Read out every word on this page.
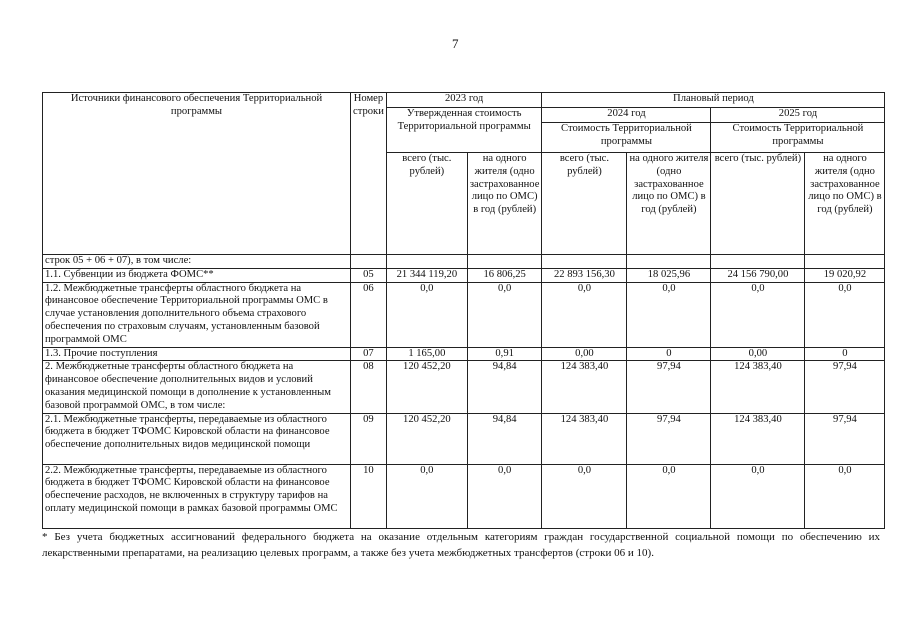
7
Источники финансового обеспечения Территориальной программы	Номер строки	2023 год		Плановый период			
		Утвержденная стоимость Территориальной программы		2024 год		2025 год	
				Стоимость Территориальной программы		Стоимость Территориальной программы	
		всего (тыс. рублей)	на одного жителя (одно застрахованное лицо по ОМС) в год (рублей)	всего (тыс. рублей)	на одного жителя (одно застрахованное лицо по ОМС) в год (рублей)	всего (тыс. рублей)	на одного жителя (одно застрахованное лицо по ОМС) в год (рублей)
строк 05 + 06 + 07), в том числе:							
1.1. Субвенции из бюджета ФОМС**	05	21 344 119,20	16 806,25	22 893 156,30	18 025,96	24 156 790,00	19 020,92
1.2. Межбюджетные трансферты областного бюджета на финансовое обеспечение Территориальной программы ОМС в случае установления дополнительного объема страхового обеспечения по страховым случаям, установленным базовой программой ОМС	06	0,0	0,0	0,0	0,0	0,0	0,0
1.3. Прочие поступления	07	1 165,00	0,91	0,00	0	0,00	0
2. Межбюджетные трансферты областного бюджета на финансовое обеспечение дополнительных видов и условий оказания медицинской помощи в дополнение к установленным базовой программой ОМС, в том числе:	08	120 452,20	94,84	124 383,40	97,94	124 383,40	97,94
2.1. Межбюджетные трансферты, передаваемые из областного бюджета в бюджет ТФОМС Кировской области на финансовое обеспечение дополнительных видов медицинской помощи	09	120 452,20	94,84	124 383,40	97,94	124 383,40	97,94
2.2. Межбюджетные трансферты, передаваемые из областного бюджета в бюджет ТФОМС Кировской области на финансовое обеспечение расходов, не включенных в структуру тарифов на оплату медицинской помощи в рамках базовой программы ОМС	10	0,0	0,0	0,0	0,0	0,0	0,0
* Без учета бюджетных ассигнований федерального бюджета на оказание отдельным категориям граждан государственной социальной помощи по обеспечению их лекарственными препаратами, на реализацию целевых программ, а также без учета межбюджетных трансфертов (строки 06 и 10).
